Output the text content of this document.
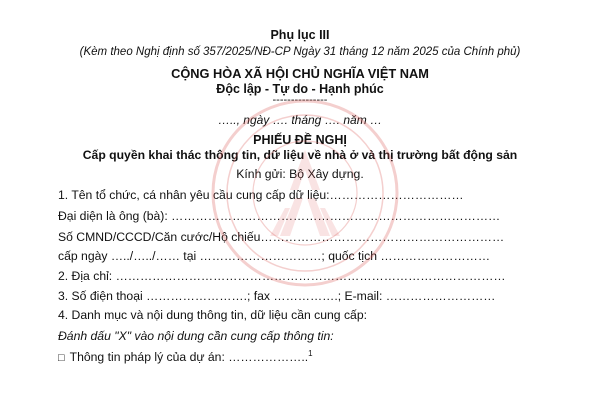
Phụ lục III
(Kèm theo Nghị định số 357/2025/NĐ-CP Ngày 31 tháng 12 năm 2025 của Chính phủ)
CỘNG HÒA XÃ HỘI CHỦ NGHĨA VIỆT NAM
Độc lập - Tự do - Hạnh phúc
---------------
….., ngày …. tháng …. năm …
PHIẾU ĐỀ NGHỊ
Cấp quyền khai thác thông tin, dữ liệu về nhà ở và thị trường bất động sản
Kính gửi: Bộ Xây dựng.
1. Tên tổ chức, cá nhân yêu cầu cung cấp dữ liệu:……………………………
Đại diện là ông (bà): ………………………………………………………………………
Số CMND/CCCD/Căn cước/Hộ chiếu……………………………………………………
cấp ngày …../…../…… tại …………………………; quốc tịch ………………………
2. Địa chỉ: ……………………………………………………………………………………
3. Số điện thoại …………………….; fax …………….; E-mail: ………………………
4. Danh mục và nội dung thông tin, dữ liệu cần cung cấp:
Đánh dấu "X" vào nội dung cần cung cấp thông tin:
□ Thông tin pháp lý của dự án: ………………..$^1$
